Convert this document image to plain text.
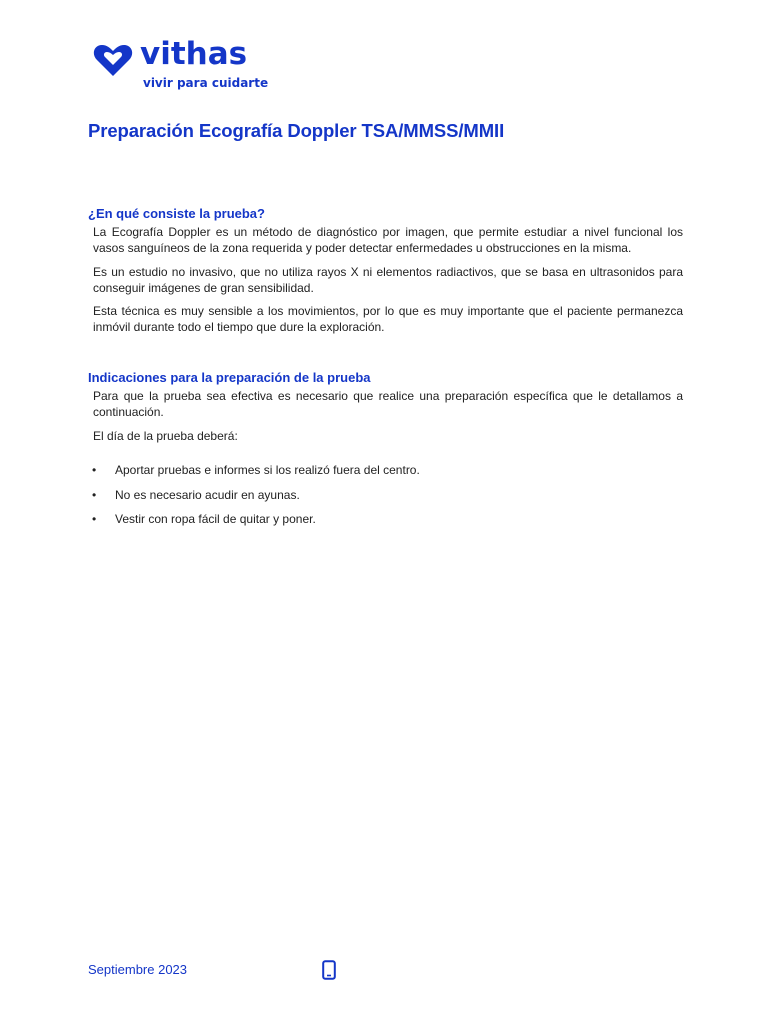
vithas
vivir para cuidarte
Preparación Ecografía Doppler TSA/MMSS/MMII
¿En qué consiste la prueba?
La Ecografía Doppler es un método de diagnóstico por imagen, que permite estudiar a nivel funcional los vasos sanguíneos de la zona requerida y poder detectar enfermedades u obstrucciones en la misma.
Es un estudio no invasivo, que no utiliza rayos X ni elementos radiactivos, que se basa en ultrasonidos para conseguir imágenes de gran sensibilidad.
Esta técnica es muy sensible a los movimientos, por lo que es muy importante que el paciente permanezca inmóvil durante todo el tiempo que dure la exploración.
Indicaciones para la preparación de la prueba
Para que la prueba sea efectiva es necesario que realice una preparación específica que le detallamos a continuación.
El día de la prueba deberá:
• Aportar pruebas e informes si los realizó fuera del centro.
• No es necesario acudir en ayunas.
• Vestir con ropa fácil de quitar y poner.
Septiembre 2023
